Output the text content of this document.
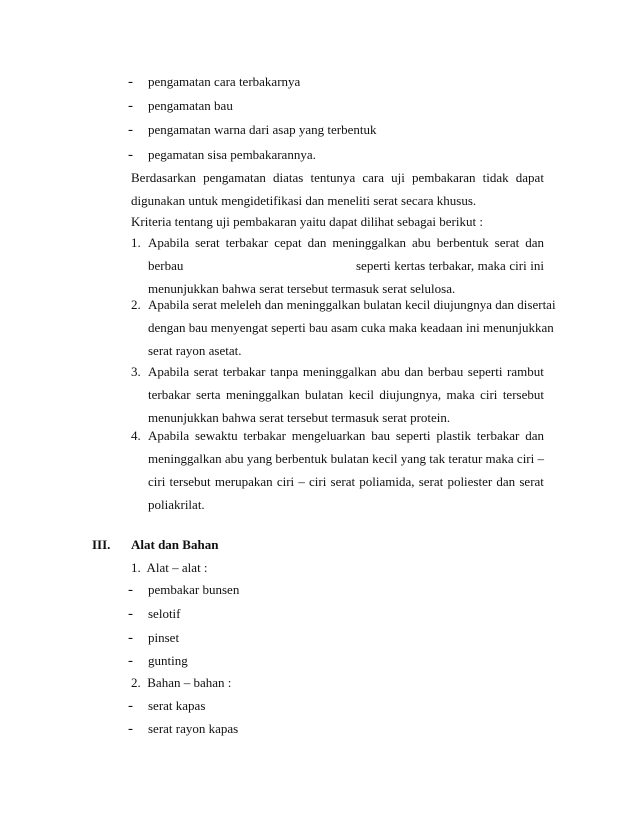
- pengamatan cara terbakarnya
- pengamatan bau
- pengamatan warna dari asap yang terbentuk
- pegamatan sisa pembakarannya.
Berdasarkan pengamatan diatas tentunya cara uji pembakaran tidak dapat
digunakan untuk mengidetifikasi dan meneliti serat secara khusus.
Kriteria tentang uji pembakaran yaitu dapat dilihat sebagai berikut :
1. Apabila serat terbakar cepat dan meninggalkan abu berbentuk serat dan
berbau	seperti kertas terbakar, maka ciri ini
menunjukkan bahwa serat tersebut termasuk serat selulosa.
2. Apabila serat meleleh dan meninggalkan bulatan kecil diujungnya dan disertai
dengan bau menyengat seperti bau asam cuka maka keadaan ini menunjukkan
serat rayon asetat.
3. Apabila serat terbakar tanpa meninggalkan abu dan berbau seperti rambut
terbakar serta meninggalkan bulatan kecil diujungnya, maka ciri tersebut
menunjukkan bahwa serat tersebut termasuk serat protein.
4. Apabila sewaktu terbakar mengeluarkan bau seperti plastik terbakar dan
meninggalkan abu yang berbentuk bulatan kecil yang tak teratur maka ciri –
ciri tersebut merupakan ciri – ciri serat poliamida, serat poliester dan serat
poliakrilat.
III. Alat dan Bahan
1.  Alat – alat :
- pembakar bunsen
- selotif
- pinset
- gunting
2.  Bahan – bahan :
- serat kapas
- serat rayon kapas
